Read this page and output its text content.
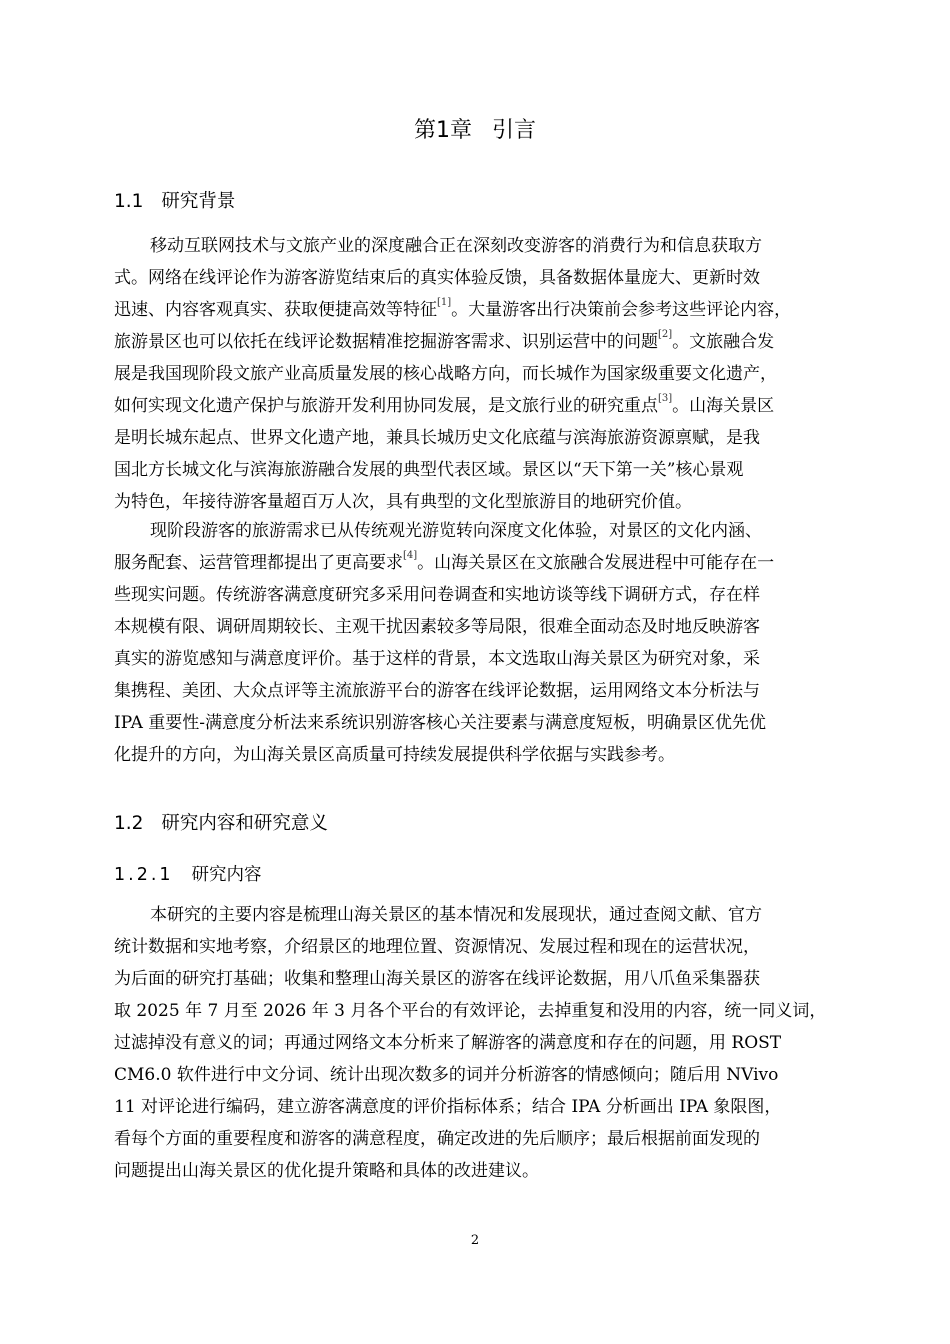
第1章 引言
1.1 研究背景
移动互联网技术与文旅产业的深度融合正在深刻改变游客的消费行为和信息获取方
式。网络在线评论作为游客游览结束后的真实体验反馈，具备数据体量庞大、更新时效
迅速、内容客观真实、获取便捷高效等特征[1]。大量游客出行决策前会参考这些评论内容，
旅游景区也可以依托在线评论数据精准挖掘游客需求、识别运营中的问题[2]。文旅融合发
展是我国现阶段文旅产业高质量发展的核心战略方向，而长城作为国家级重要文化遗产，
如何实现文化遗产保护与旅游开发利用协同发展，是文旅行业的研究重点[3]。山海关景区
是明长城东起点、世界文化遗产地，兼具长城历史文化底蕴与滨海旅游资源禀赋，是我
国北方长城文化与滨海旅游融合发展的典型代表区域。景区以“天下第一关”核心景观
为特色，年接待游客量超百万人次，具有典型的文化型旅游目的地研究价值。
现阶段游客的旅游需求已从传统观光游览转向深度文化体验，对景区的文化内涵、
服务配套、运营管理都提出了更高要求[4]。山海关景区在文旅融合发展进程中可能存在一
些现实问题。传统游客满意度研究多采用问卷调查和实地访谈等线下调研方式，存在样
本规模有限、调研周期较长、主观干扰因素较多等局限，很难全面动态及时地反映游客
真实的游览感知与满意度评价。基于这样的背景，本文选取山海关景区为研究对象，采
集携程、美团、大众点评等主流旅游平台的游客在线评论数据，运用网络文本分析法与
IPA 重要性-满意度分析法来系统识别游客核心关注要素与满意度短板，明确景区优先优
化提升的方向，为山海关景区高质量可持续发展提供科学依据与实践参考。
1.2 研究内容和研究意义
1.2.1 研究内容
本研究的主要内容是梳理山海关景区的基本情况和发展现状，通过查阅文献、官方
统计数据和实地考察，介绍景区的地理位置、资源情况、发展过程和现在的运营状况，
为后面的研究打基础；收集和整理山海关景区的游客在线评论数据，用八爪鱼采集器获
取 2025 年 7 月至 2026 年 3 月各个平台的有效评论，去掉重复和没用的内容，统一同义词，
过滤掉没有意义的词；再通过网络文本分析来了解游客的满意度和存在的问题，用 ROST
CM6.0 软件进行中文分词、统计出现次数多的词并分析游客的情感倾向；随后用 NVivo
11 对评论进行编码，建立游客满意度的评价指标体系；结合 IPA 分析画出 IPA 象限图，
看每个方面的重要程度和游客的满意程度，确定改进的先后顺序；最后根据前面发现的
问题提出山海关景区的优化提升策略和具体的改进建议。
2
